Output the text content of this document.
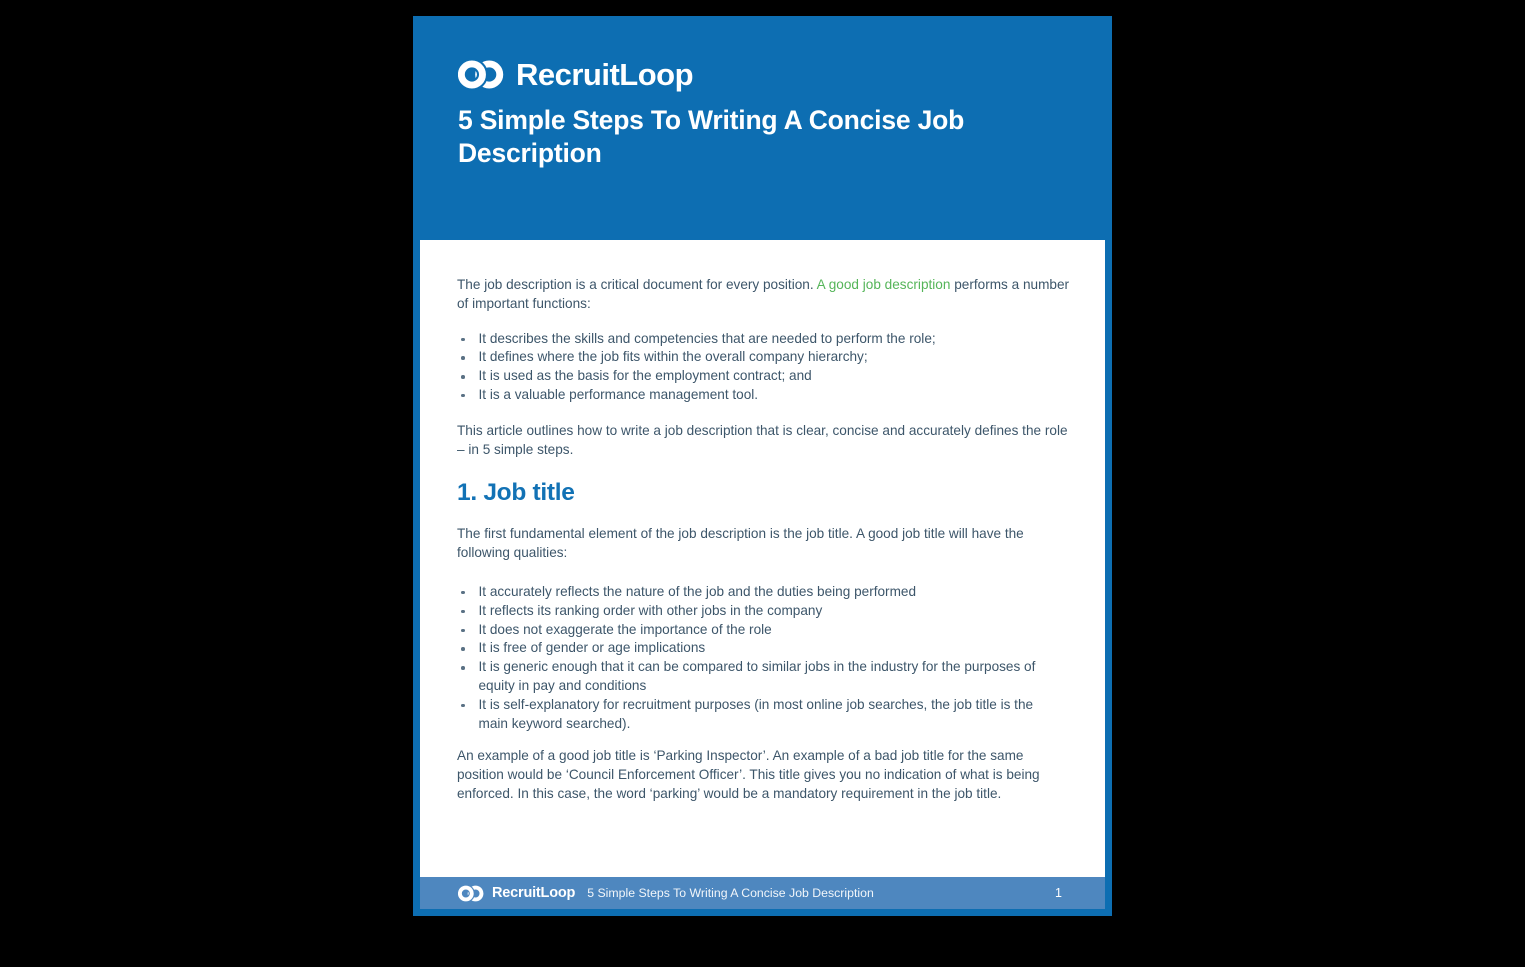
RecruitLoop
5 Simple Steps To Writing A Concise Job Description

The job description is a critical document for every position. A good job description performs a number of important functions:

It describes the skills and competencies that are needed to perform the role;
It defines where the job fits within the overall company hierarchy;
It is used as the basis for the employment contract; and
It is a valuable performance management tool.

This article outlines how to write a job description that is clear, concise and accurately defines the role – in 5 simple steps.

1. Job title

The first fundamental element of the job description is the job title. A good job title will have the following qualities:

It accurately reflects the nature of the job and the duties being performed
It reflects its ranking order with other jobs in the company
It does not exaggerate the importance of the role
It is free of gender or age implications
It is generic enough that it can be compared to similar jobs in the industry for the purposes of equity in pay and conditions
It is self-explanatory for recruitment purposes (in most online job searches, the job title is the main keyword searched).

An example of a good job title is ‘Parking Inspector’. An example of a bad job title for the same position would be ‘Council Enforcement Officer’. This title gives you no indication of what is being enforced. In this case, the word ‘parking’ would be a mandatory requirement in the job title.

RecruitLoop 5 Simple Steps To Writing A Concise Job Description	1
